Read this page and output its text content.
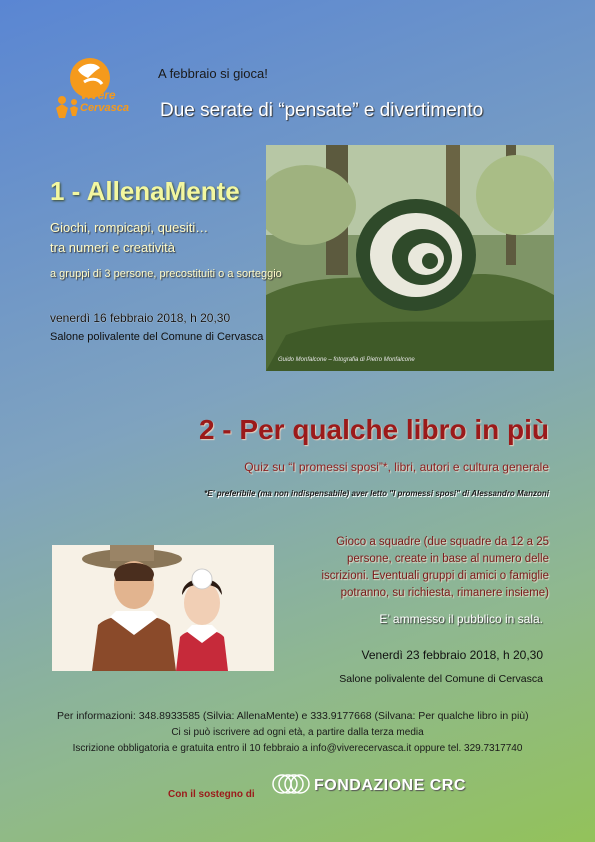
Vivere
Cervasca
A febbraio si gioca!
Due serate di “pensate” e divertimento
Guido Monfalcone – fotografia di Pietro Monfalcone
1 - AllenaMente
Giochi, rompicapi, quesiti…
tra numeri e creatività
a gruppi di 3 persone, precostituiti o a sorteggio
venerdì 16 febbraio 2018, h 20,30
Salone polivalente del Comune di Cervasca
2 - Per qualche libro in più
Quiz su “I promessi sposi”*, libri, autori e cultura generale
*E' preferibile (ma non indispensabile) aver letto "I promessi sposi" di Alessandro Manzoni
Gioco a squadre (due squadre da 12 a 25
persone, create in base al numero delle
iscrizioni. Eventuali gruppi di amici o famiglie
potranno, su richiesta, rimanere insieme)
E’ ammesso il pubblico in sala.
Venerdì 23 febbraio 2018, h 20,30
Salone polivalente del Comune di Cervasca
Per informazioni: 348.8933585 (Silvia: AllenaMente) e 333.9177668 (Silvana: Per qualche libro in più)
Ci si può iscrivere ad ogni età, a partire dalla terza media
Iscrizione obbligatoria e gratuita entro il 10 febbraio a info@viverecervasca.it oppure tel. 329.7317740
Con il sostegno di
FONDAZIONE CRC
